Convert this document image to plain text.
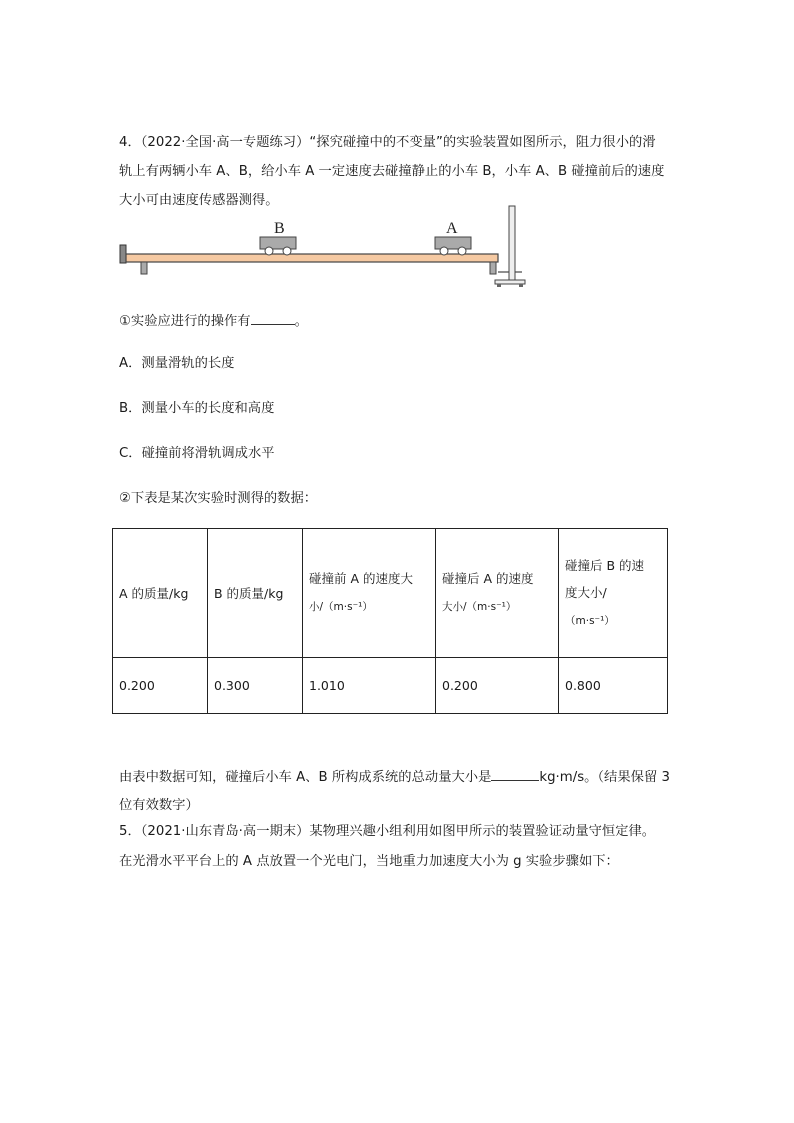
4．（2022·全国·高一专题练习）“探究碰撞中的不变量”的实验装置如图所示，阻力很小的滑
轨上有两辆小车 A、B，给小车 A 一定速度去碰撞静止的小车 B，小车 A、B 碰撞前后的速度
大小可由速度传感器测得。
B	A
①实验应进行的操作有	。
A．测量滑轨的长度
B．测量小车的长度和高度
C．碰撞前将滑轨调成水平
②下表是某次实验时测得的数据：
A 的质量/kg	B 的质量/kg	碰撞前 A 的速度大
小/（m·s⁻¹）	碰撞后 A 的速度
大小/（m·s⁻¹）	碰撞后 B 的速
度大小/
（m·s⁻¹）
0.200	0.300	1.010	0.200	0.800
由表中数据可知，碰撞后小车 A、B 所构成系统的总动量大小是	kg·m/s。（结果保留 3
位有效数字）
5．（2021·山东青岛·高一期末）某物理兴趣小组利用如图甲所示的装置验证动量守恒定律。
在光滑水平平台上的 A 点放置一个光电门，当地重力加速度大小为 g 实验步骤如下：
